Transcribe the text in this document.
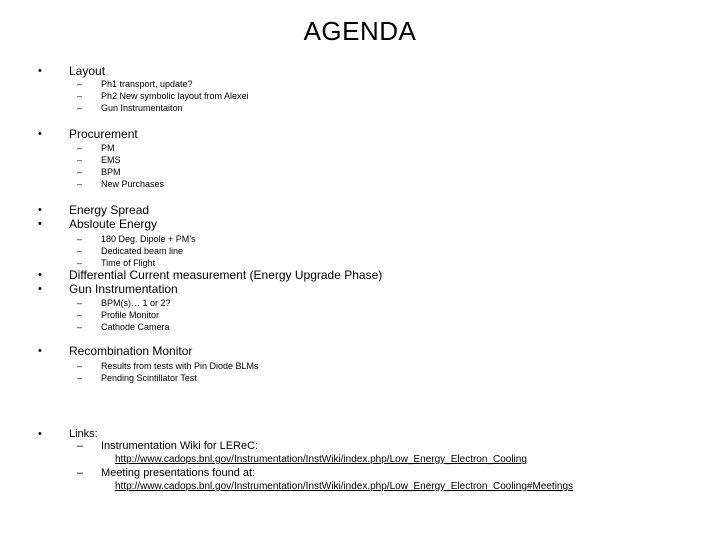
AGENDA
• Layout
– Ph1 transport, update?
– Ph2 New symbolic layout from Alexei
– Gun Instrumentaiton
• Procurement
– PM
– EMS
– BPM
– New Purchases
• Energy Spread
• Absloute Energy
– 180 Deg. Dipole + PM’s
– Dedicated beam line
– Time of Flight
• Differential Current measurement (Energy Upgrade Phase)
• Gun Instrumentation
– BPM(s)… 1 or 2?
– Profile Monitor
– Cathode Camera
• Recombination Monitor
– Results from tests with Pin Diode BLMs
– Pending Scintillator Test
• Links:
– Instrumentation Wiki for LEReC:
http://www.cadops.bnl.gov/Instrumentation/InstWiki/index.php/Low_Energy_Electron_Cooling
– Meeting presentations found at:
http://www.cadops.bnl.gov/Instrumentation/InstWiki/index.php/Low_Energy_Electron_Cooling#Meetings
